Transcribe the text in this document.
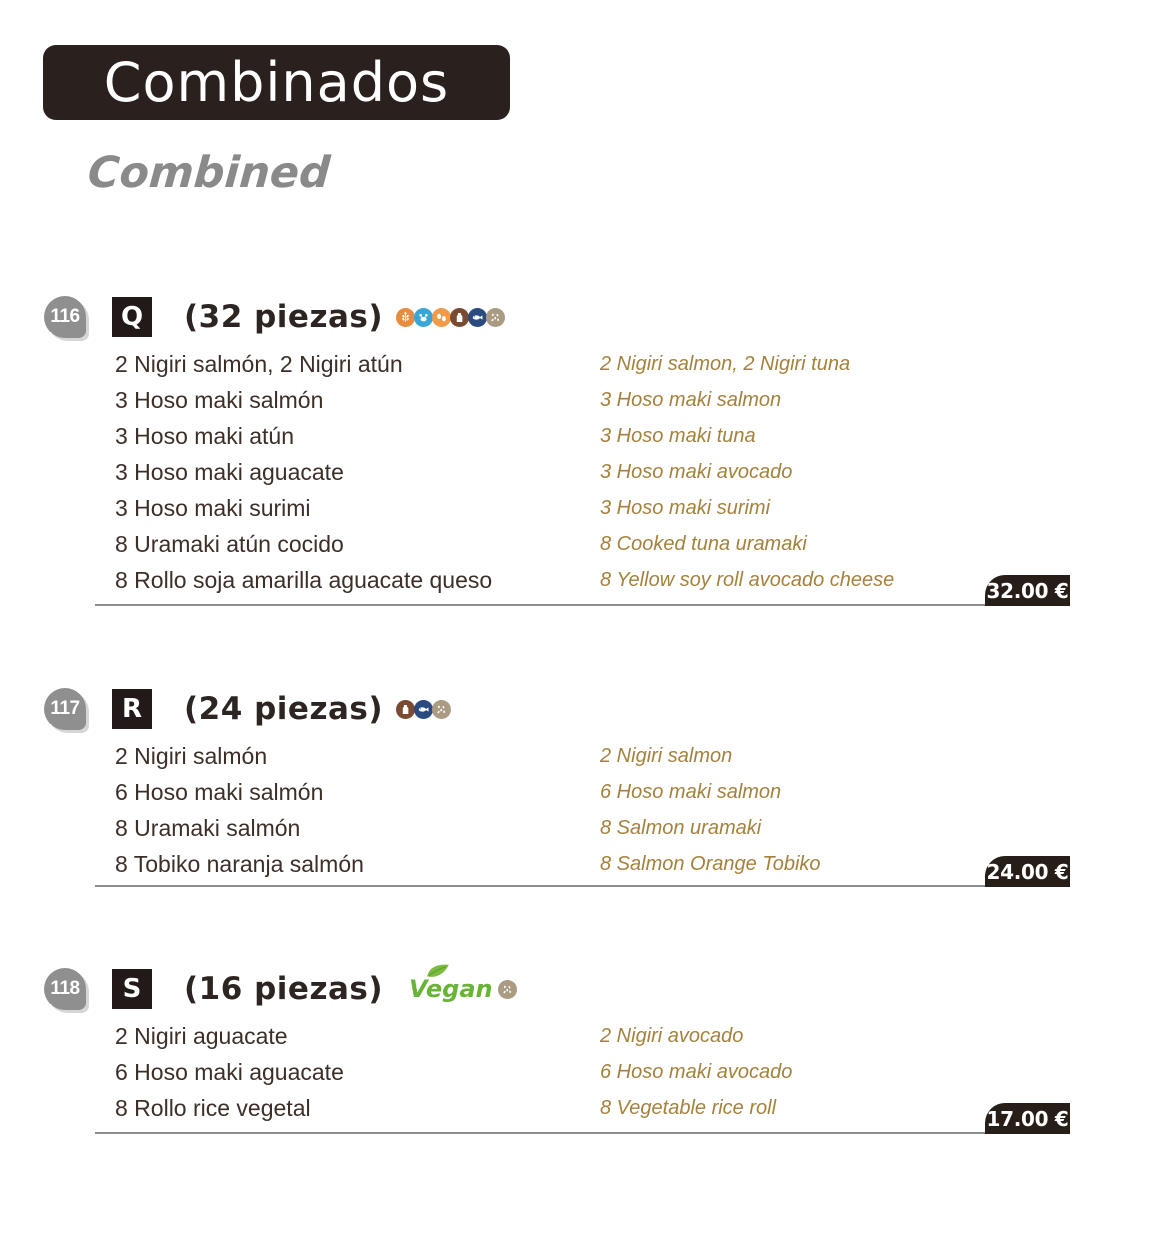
Combinados
Combined
116 Q (32 piezas)
2 Nigiri salmón, 2 Nigiri atún	2 Nigiri salmon, 2 Nigiri tuna
3 Hoso maki salmón	3 Hoso maki salmon
3 Hoso maki atún	3 Hoso maki tuna
3 Hoso maki aguacate	3 Hoso maki avocado
3 Hoso maki surimi	3 Hoso maki surimi
8 Uramaki atún cocido	8 Cooked tuna uramaki
8 Rollo soja amarilla aguacate queso	8 Yellow soy roll avocado cheese	32.00 €
117 R (24 piezas)
2 Nigiri salmón	2 Nigiri salmon
6 Hoso maki salmón	6 Hoso maki salmon
8 Uramaki salmón	8 Salmon uramaki
8 Tobiko naranja salmón	8 Salmon Orange Tobiko	24.00 €
118 S (16 piezas) Vegan
2 Nigiri aguacate	2 Nigiri avocado
6 Hoso maki aguacate	6 Hoso maki avocado
8 Rollo rice vegetal	8 Vegetable rice roll	17.00 €
